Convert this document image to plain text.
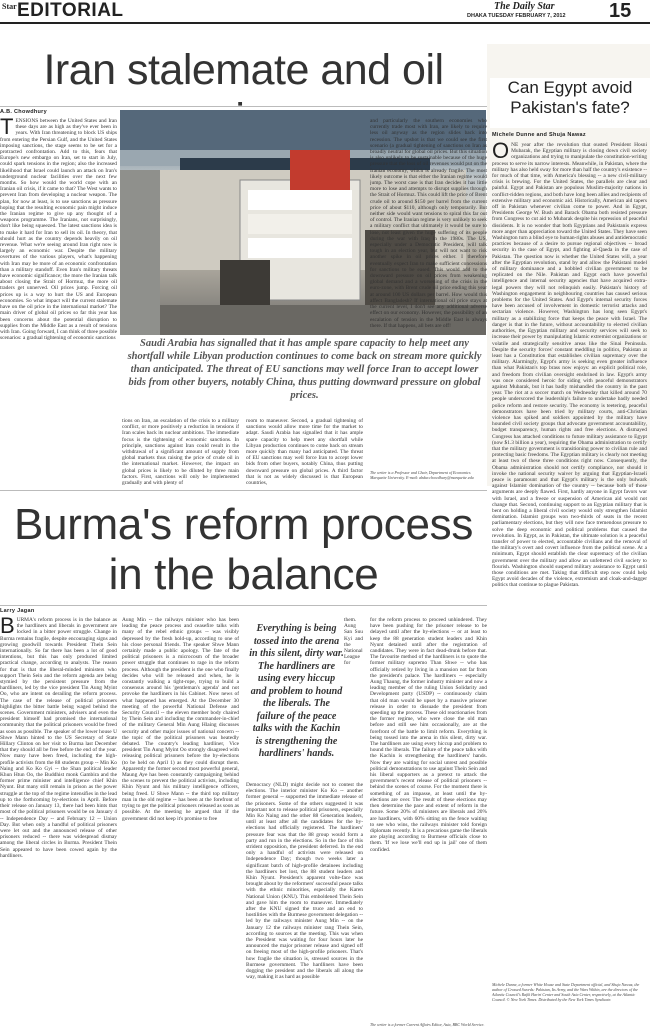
Star EDITORIAL	The Daily Star
DHAKA TUESDAY FEBRUARY 7, 2012 15
Iran stalemate and oil
A.B. Chowdhury
TENSIONS between the United States and Iran these days are as high as they've ever been in years. With Iran threatening to block US ships from entering the Persian Gulf, and the United States imposing sanctions, the stage seems to be set for a protracted confrontation. Add to this, fears that Europe's new embargo on Iran, set to start in July, could spark tensions in the region; also the increased likelihood that Israel could launch an attack on Iran's underground nuclear facilities over the next few months. So how would the world cope with an Iranian oil crisis, if it came to that? The West wants to prevent Iran from developing a nuclear weapon. The plan, for now at least, is to use sanctions as pressure hoping that the resulting economic pain might induce the Iranian regime to give up any thought of a weapons programme. The Iranians, not surprisingly, don't like being squeezed. The latest sanctions idea is to make it hard for Iran to sell its oil. In theory, that should hurt as the country depends heavily on oil revenue. What we're seeing around Iran right now is largely an economic war. Despite the military overtures of the various players, what's happening with Iran may be more of an economic confrontation than a military standoff. Even Iran's military threats have economic significance; the more the Iranian talk about closing the Strait of Hormuz, the more oil traders get unnerved. Oil prices jump. Forcing oil prices up is a way to hurt the US and European economies. So what impact will the current stalemate have on the oil price in the international market? The main driver of global oil prices so far this year has been concerns about the potential disruption to supplies from the Middle East as a result of tensions with Iran. Going forward, I can think of three possible scenarios: a gradual tightening of economic sanctions	Saudi Arabia has signalled that it has ample spare capacity to help meet any shortfall while Libyan production continues to come back on stream more quickly than anticipated. The threat of EU sanctions may well force Iran to accept lower bids from other buyers, notably China, thus putting downward pressure on global prices.
tions on Iran, an escalation of the crisis to a military conflict, or more positively a reduction in tensions if Iran scales back its nuclear ambitions. The immediate focus is the tightening of economic sanctions. In principle, sanctions against Iran could result in the withdrawal of a significant amount of supply from global markets thus raising the price of crude oil in the international market. However, the impact on global prices is likely to be diluted by three main factors. First, sanctions will only be implemented gradually and with plenty of
room to maneuver. Second, a gradual tightening of sanctions would allow more time for the market to adapt. Saudi Arabia has signalled that it has ample spare capacity to help meet any shortfall while Libyan production continues to come back on stream more quickly than many had anticipated. The threat of EU sanctions may well force Iran to accept lower bids from other buyers, notably China, thus putting downward pressure on global prices. A third factor that is not as widely discussed is that European countries,
and particularly the southern economies who currently trade most with Iran, are likely to require less oil anyway as the region slides back into recession. The upshot is that we could see the first scenario (a gradual tightening of sanctions on Iran as broadly neutral for global oil prices. But this situation is also unlikely to be sustainable because of the huge pressure that the loss of oil revenues would put on the Iranian economy, which is already fragile. The most likely outcome is that either the Iranian regime would jump. The worst case is that Iran decides it has little more to lose and attempts to disrupt supplies through the Strait of Hormuz. This could lift the price of Brent crude oil to around $150 per barrel from the current price of about $110, although only temporarily. But neither side would want tensions to spiral this far out of control. The Iranian regime is very unlikely to seek a military conflict that ultimately it would be sure to lose, not least given the huge suffering of its people during the war with Iraq in the 1980s. The US, especially under a Democratic President, will talk tough in an election year, but will not want to risk another spike in oil prices either. I therefore eventually expect Iran to make sufficient concessions for sanctions to be eased. This would add to the downward pressure on oil prices from weakening global demand and a worsening of the crisis in the euro-zone, with Brent crude oil price ending this year at around 100 US dollars per barrel. How would this affect Bangladesh? If international oil price stays at the current level, I don't see any additional adverse effect on our economy. However, the possibility of an escalation of tension in the Middle East is always there. If that happens, all bets are off!
The writer is a Professor and Chair, Department of Economics Marquette University. E-mail: abdur.chowdhury@marquette.edu
Can Egypt avoid Pakistan's fate?
Michele Dunne and Shuja Nawaz
ONE year after the revolution that ousted President Hosni Mubarak, the Egyptian military is closing down civil society organizations and trying to manipulate the constitution-writing process to serve its narrow interests. Meanwhile, in Pakistan, where the military has also held sway for more than half the country's existence -- for much of that time, with America's blessing -- a new civil-military crisis is brewing. For the United States, the parallels are clear and painful. Egypt and Pakistan are populous Muslim-majority nations in conflict-ridden regions, and both have long been allies and recipients of extensive military and economic aid. Historically, American aid tapers off in Pakistan whenever civilian come to power. And in Egypt, Presidents George W. Bush and Barack Obama both resisted pressure from Congress to cut aid to Mubarak despite his repression of peaceful dissidents. It is no wonder that both Egyptians and Pakistanis express more anger than appreciation toward the United States. They have seen Washington turn a blind eye to human-rights abuses and antidemocratic practices because of a desire to pursue regional objectives -- broad security in the case of Egypt, and fighting al-Qaeda in the case of Pakistan. The question now is whether the United States will, a year after the Egyptian revolution, stand by and allow the Pakistani model of military dominance and a hobbled civilian government to be replicated on the Nile. Pakistan and Egypt each have powerful intelligence and internal security agencies that have acquired extra-legal powers they will not relinquish easily. Pakistan's history of Washington engagement in neighbouring countries has caused serious problems for the United States. And Egypt's internal security forces have been accused of involvement in domestic terrorist attacks and sectarian violence. However, Washington has long seen Egypt's military as a stabilizing force that keeps the peace with Israel. The danger is that in the future, without accountability to elected civilian authorities, the Egyptian military and security services will seek to increase their power by manipulating Islamic extremist organizations or volatile and strategically sensitive areas like the Sinai Peninsula. Despite the security forces' constant meddling in politics, Pakistan at least has a Constitution that establishes civilian supremacy over the military. Alarmingly, Egypt's army is seeking even greater influence than what Pakistan's top brass now enjoys: an explicit political role, and freedom from civilian oversight enshrined in law. Egypt's army was once considered heroic for siding with peaceful demonstrators against Mubarak, but it has badly mishandled the country in the past year. The riot at a soccer match on Wednesday that killed around 70 people underscored the leadership's failure to undertake badly needed police reform and restore security. The economy is teetering, peaceful demonstrators have been tried by military courts, anti-Christian violence has spiked and soldiers appointed by the military have hounded civil society groups that advocate government accountability, budget transparency, human rights and free elections. A dismayed Congress has attached conditions to future military assistance to Egypt (now $1.3 billion a year), requiring the Obama administration to certify that the military government is transitioning power to civilian rule and protecting basic freedoms. The Egyptian military is clearly not meeting at least two of these three conditions right now. Consequently, the Obama administration should not certify compliance, nor should it invoke the national security waiver by arguing that Egyptian-Israeli peace is paramount and that Egypt's military is the only bulwark against Islamist domination of the country -- because both of those arguments are deeply flawed. First, hardly anyone in Egypt favors war with Israel, and a freeze or suspension of American aid would not change that. Second, continuing support to an Egyptian military that is bent on holding a liberal civil society would only strengthen Islamist domination. Islamist groups won two-thirds of seats in the recent parliamentary elections, but they will now face tremendous pressure to solve the deep economic and political problems that caused the revolution. In Egypt, as in Pakistan, the ultimate solution is a peaceful transfer of power to elected, accountable civilians and the removal of the military's overt and covert influence from the political scene. At a minimum, Egypt should establish the clear supremacy of the civilian government over the military and allow an unfettered civil society to flourish. Washington should suspend military assistance to Egypt until those conditions are met. Taking that difficult step now could help Egypt avoid decades of the violence, extremism and cloak-and-dagger politics that continue to plague Pakistan.
Michele Dunne, a former White House and State Department official, and Shuja Nawaz, the author of Crossed Swords: Pakistan, Its Army, and the Wars Within, are the directors of the Atlantic Council's Rafik Hariri Center and South Asia Center, respectively, at the Atlantic Council. © New York Times. Distributed by the New York Times Syndicate.
Burma's reform process in the balance
Larry Jagan
BURMA's reform process is in the balance as the hardliners and liberals in government are locked in a bitter power struggle. Change in Burma remains fragile, despite encouraging signs and growing goodwill towards President Thein Sein internationally. So far there has been a lot of good intentions, but this has only produced limited practical change, according to analysts. The reason for that is that the liberal-minded ministers who support Thein Sein and the reform agenda are being stymied by the persistent pressure from the hardliners, led by the vice president Tin Aung Myint Oo, who are intent on derailing the reform process. The case of the release of political prisoners highlights the bitter battle being waged behind the scenes. Government ministers, advisers and even the president himself had promised the international community that the political prisoners would be freed as soon as possible. The speaker of the lower house U Shwe Mann hinted to the US Secretary of State Hillary Clinton on her visit to Burma last December that they should all be free before the end of the year. Now many have been freed, including the high-profile activists from the 88 students group -- Min Ko Naing and Ko Ko Gyi -- the Shan political leader Khun Htun Oo, the Buddhist monk Gambira and the former prime minister and intelligence chief Khin Nyunt. But many still remain in prison as the power struggle at the top of the regime intensifies in the lead up to the forthcoming by-elections in April. Before their release on January 13, there had been hints that most of the political prisoners would be on January 4 -- Independence Day -- and February 12 -- Union Day. But when only a handful of political prisoners were let out and the announced release of other prisoners reduced -- there was widespread dismay among the liberal circles in Burma. President Thein Sein appeared to have been cowed again by the hardliners.
Aung Min -- the railways minister who has been leading the peace process and ceasefire talks with many of the rebel ethnic groups -- was visibly depressed by the fresh hold-up, according to one of his close personal friends. The speaker Shwe Mann certainly made a public apology. The fate of the political prisoners is a microcosm of the broader power struggle that continues to rage in the reform process. Although the president is the one who finally decides who will be released and when, he is constantly walking a tight-rope, trying to build a consensus around his 'gentleman's agenda' and not provoke the hardliners in his Cabinet. Now news of what happened has emerged. At the December 30 meeting of the powerful National Defense and Security Council -- the eleven member body chaired by Thein Sein and including the commander-in-chief of the military General Min Aung Hlaing discusses security and other major issues of national concern -- the topic of the political prisoners was heatedly debated. The country's leading hardliner, Vice president Tin Aung Myint Oo strongly disagreed with releasing political prisoners before the by-elections (to be held on April 1) as they could disrupt them. Apparently the former second most powerful general, Maung Aye has been constantly campaigning behind the scenes to prevent the political activists, including Khin Nyunt and his military intelligence officers, being freed. U Shwe Mann -- the third top military man in the old regime -- has been at the forefront of trying to get the political prisoners released as soon as possible. At the meeting he argued that if the government did not keep it's promise to free
them. Aung San Suu Kyi and the National League for Democracy (NLD) might decide not to contest the elections. The interior minister Ko Ko -- another former general -- supported the immediate release of the prisoners. Some of the others suggested it was important not to release political prisoners, especially Min Ko Naing and the other 88 Generation leaders, until at least after all the candidates for the by-elections had officially registered. The hardliners' pressure fear was that the 88 group would form a party and run in the elections. So in the face of this strident opposition, the president deferred. In the end only a handful of activists were released on Independence Day; though two weeks later a significant batch of high-profile detainees including the hardliners bet lost, the 88 student leaders and Khin Nyunt. President's apparent volte-face was brought about by the reformers' successful peace talks with the ethnic minorities, especially the Karen National Union (KNU). This emboldened Thein Sein and gave him the room to maneuver. Immediately after the KNU signed the truce and an end to hostilities with the Burmese government delegation -- led by the railways minister Aung Min -- on the January 12 the railways minister rang Thein Sein, according to sources at the meeting. This was when the President was waiting for four hours later he announced the major prisoner release and signed off on freeing most of the high-profile prisoners. That's how fragile the situation is, stressed sources in the Burmese government. The hardliners have been dogging the president and the liberals all along the way, making it as hard as possible
Everything is being tossed into the arena in this silent, dirty war. The hardliners are using every hiccup and problem to hound the liberals. The failure of the peace talks with the Kachin is strengthening the hardliners' hands.
for the reform process to proceed unhindered. They have been pushing for the prisoner release to be delayed until after the by-elections -- or at least to keep the 88 generation student leaders and Khin Nyunt detained until after the registration of candidates. They were in fact dead-drunk before that. The favourite method of the hardliners is to quote the former military supremo Than Shwe -- who has officially retired by living in a mansion not far from the president's palace. The hardliners -- especially Aung Thaung, the former industry minister and now a leading member of the ruling Union Solidarity and Development party (USDP) -- continuously claim that old man would be upset by a massive prisoner release in order to dissuade the president from speeding up the process. These old reactionaries from the former regime, who were close the old man before and still see him occasionally, are at the forefront of the battle to limit reform. Everything is being tossed into the arena in this silent, dirty war. The hardliners are using every hiccup and problem to hound the liberals. The failure of the peace talks with the Kachin is strengthening the hardliners' hands. Now they are waiting for social unrest and possible political demonstrations to use against Thein Sein and his liberal supporters as a pretext to attack the government's recent release of political prisoners -- behind the scenes of course. For the moment there is something of an impasse, at least until the by-elections are over. The result of these elections may then determine the pace and extent of reform in the future. Some 20% of ministers are liberals and 20% are hardliners, with 60% sitting on the fence waiting to see who wins, the railways minister told foreign diplomats recently. It is a precarious game the liberals are playing according to Burmese officials close to them. 'If we lose we'll end up in jail' one of them confided.
The writer is a former Current Affairs Editor, Asia, BBC World Service.
